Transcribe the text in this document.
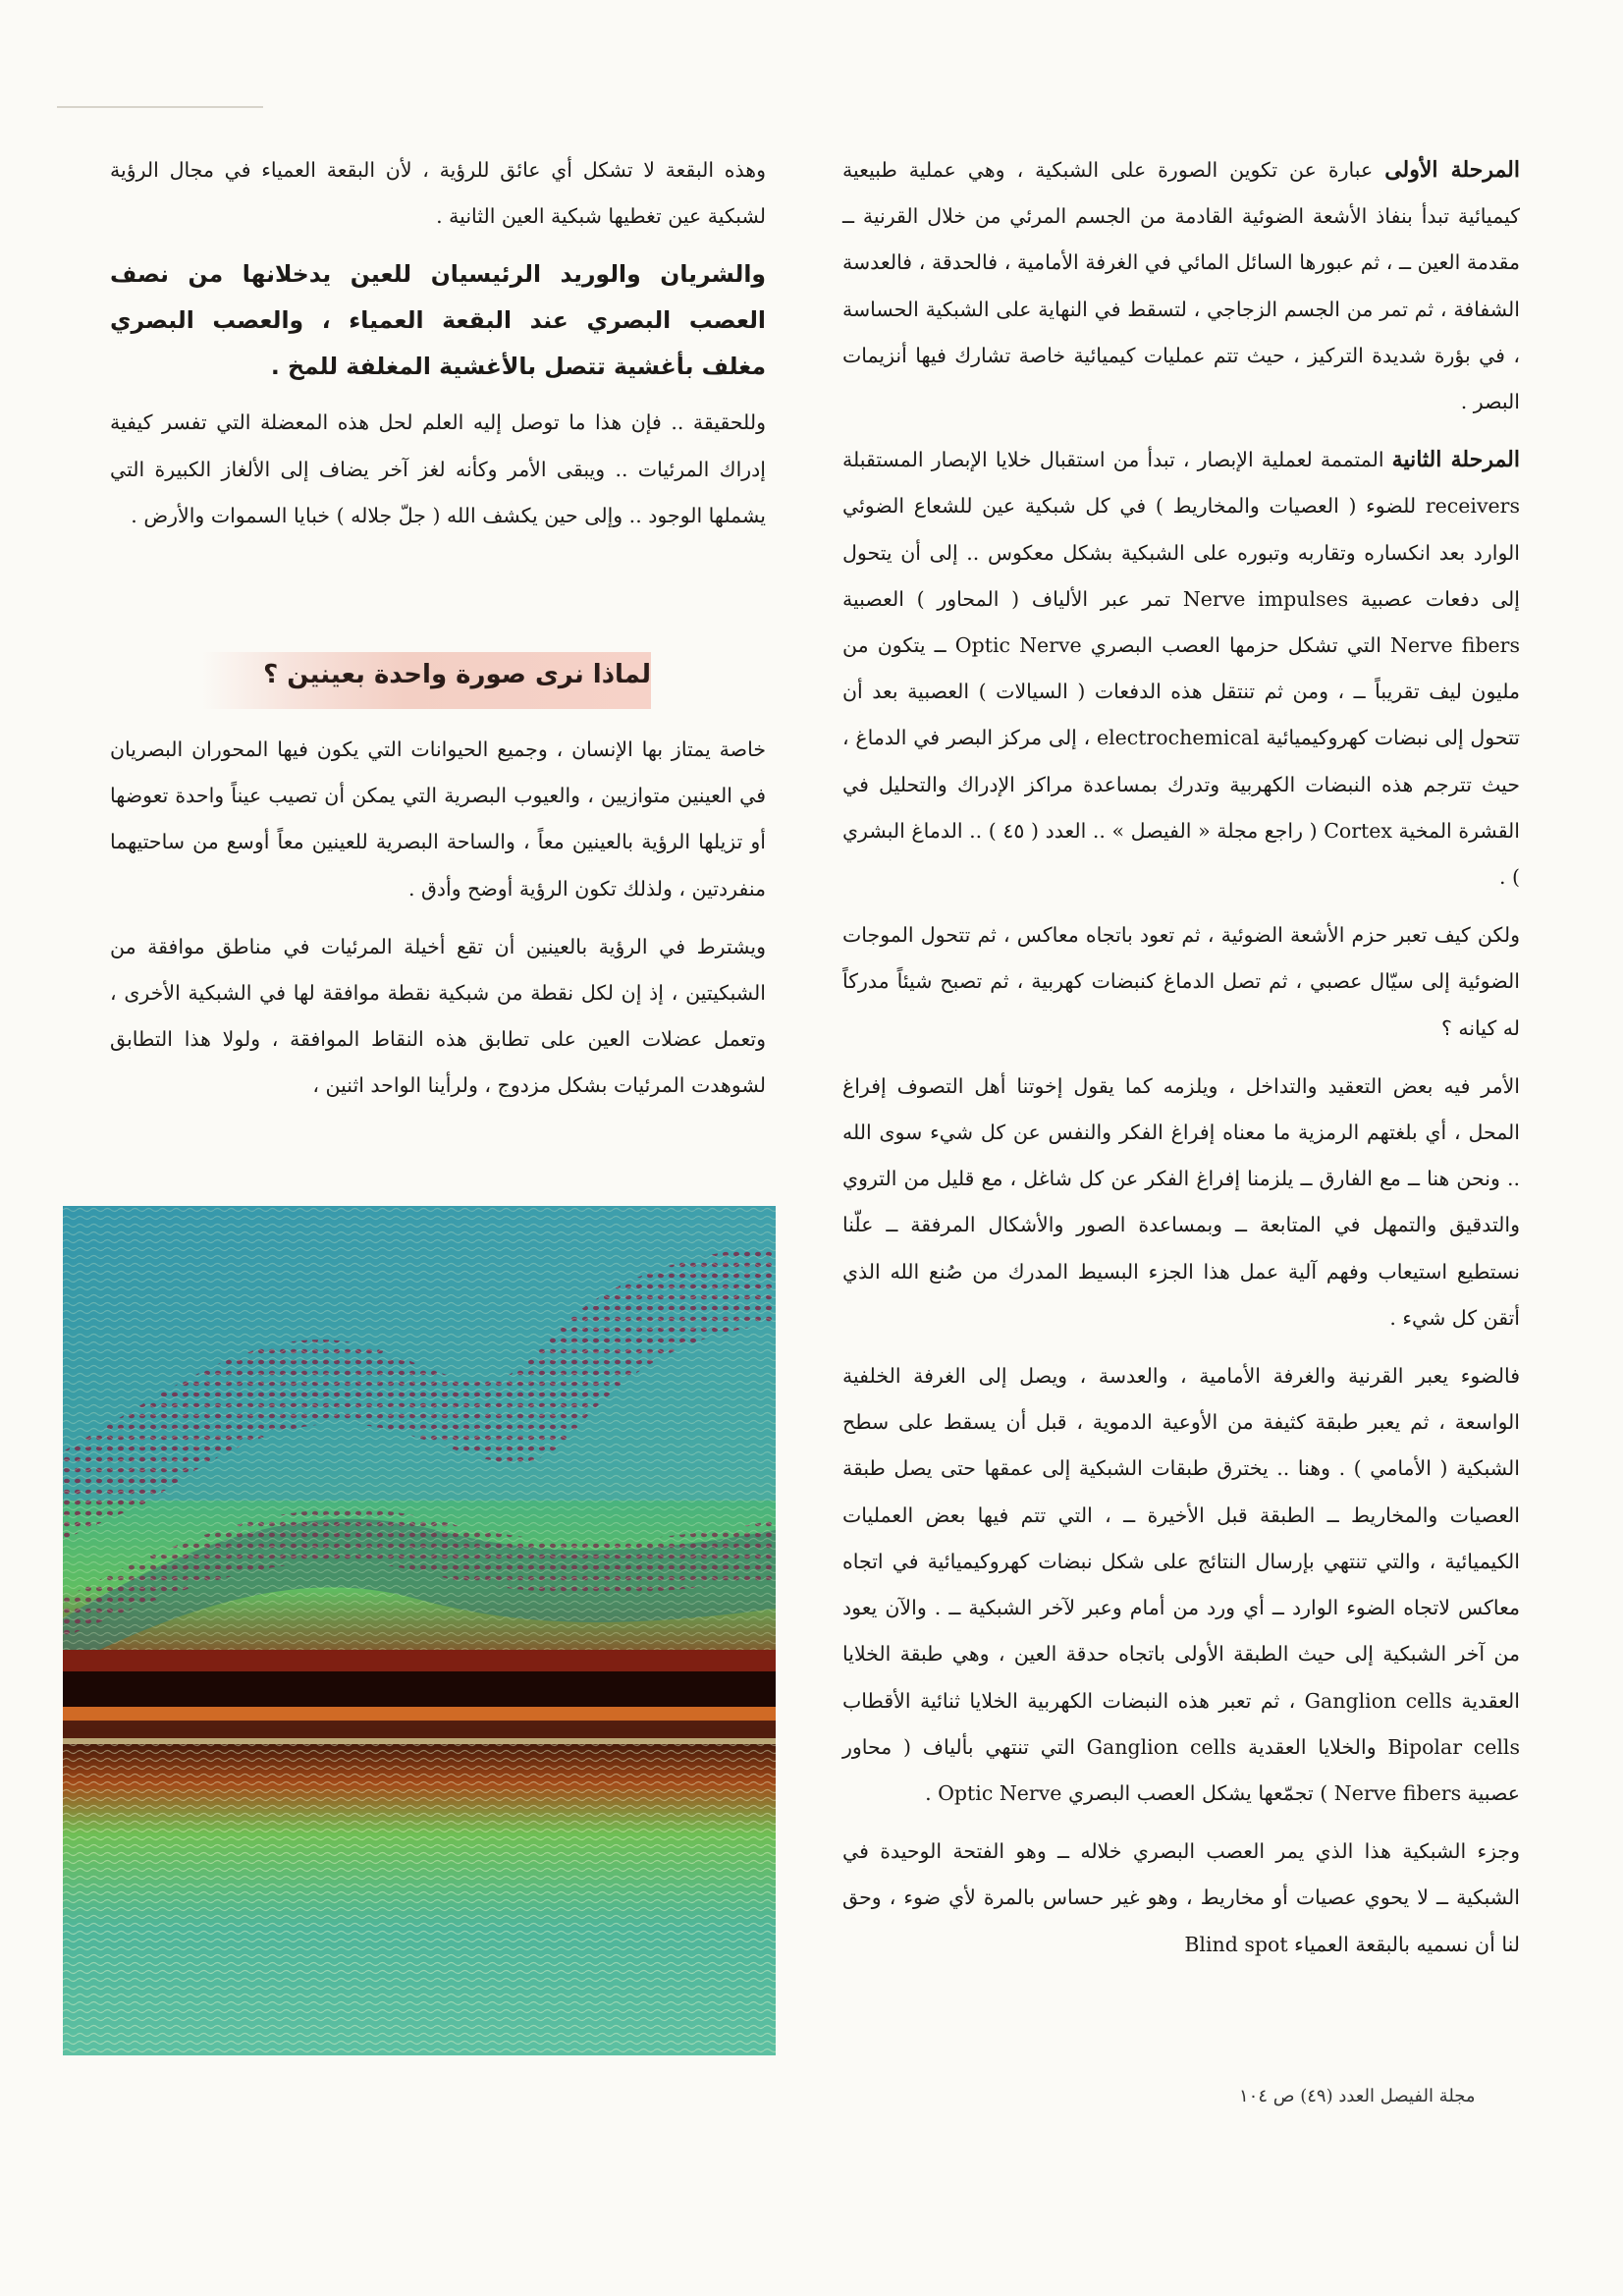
المرحلة الأولى عبارة عن تكوين الصورة على الشبكية ، وهي عملية طبيعية كيميائية تبدأ بنفاذ الأشعة الضوئية القادمة من الجسم المرئي من خلال القرنية ــ مقدمة العين ــ ، ثم عبورها السائل المائي في الغرفة الأمامية ، فالحدقة ، فالعدسة الشفافة ، ثم تمر من الجسم الزجاجي ، لتسقط في النهاية على الشبكية الحساسة ، في بؤرة شديدة التركيز ، حيث تتم عمليات كيميائية خاصة تشارك فيها أنزيمات البصر .

المرحلة الثانية المتممة لعملية الإبصار ، تبدأ من استقبال خلايا الإبصار المستقبلة receivers للضوء ( العصيات والمخاريط ) في كل شبكية عين للشعاع الضوئي الوارد بعد انكساره وتقاربه وتبوره على الشبكية بشكل معكوس .. إلى أن يتحول إلى دفعات عصبية Nerve impulses تمر عبر الألياف ( المحاور ) العصبية Nerve fibers التي تشكل حزمها العصب البصري Optic Nerve ــ يتكون من مليون ليف تقريباً ــ ، ومن ثم تنتقل هذه الدفعات ( السيالات ) العصبية بعد أن تتحول إلى نبضات كهروكيميائية electrochemical ، إلى مركز البصر في الدماغ ، حيث تترجم هذه النبضات الكهربية وتدرك بمساعدة مراكز الإدراك والتحليل في القشرة المخية Cortex ( راجع مجلة « الفيصل » .. العدد ( ٤٥ ) .. الدماغ البشري ) .

ولكن كيف تعبر حزم الأشعة الضوئية ، ثم تعود باتجاه معاكس ، ثم تتحول الموجات الضوئية إلى سيّال عصبي ، ثم تصل الدماغ كنبضات كهربية ، ثم تصبح شيئاً مدركاً له كيانه ؟

الأمر فيه بعض التعقيد والتداخل ، ويلزمه كما يقول إخوتنا أهل التصوف إفراغ المحل ، أي بلغتهم الرمزية ما معناه إفراغ الفكر والنفس عن كل شيء سوى الله .. ونحن هنا ــ مع الفارق ــ يلزمنا إفراغ الفكر عن كل شاغل ، مع قليل من التروي والتدقيق والتمهل في المتابعة ــ وبمساعدة الصور والأشكال المرفقة ــ علّنا نستطيع استيعاب وفهم آلية عمل هذا الجزء البسيط المدرك من صُنع الله الذي أتقن كل شيء .

فالضوء يعبر القرنية والغرفة الأمامية ، والعدسة ، ويصل إلى الغرفة الخلفية الواسعة ، ثم يعبر طبقة كثيفة من الأوعية الدموية ، قبل أن يسقط على سطح الشبكية ( الأمامي ) . وهنا .. يخترق طبقات الشبكية إلى عمقها حتى يصل طبقة العصيات والمخاريط ــ الطبقة قبل الأخيرة ــ ، التي تتم فيها بعض العمليات الكيميائية ، والتي تنتهي بإرسال النتائج على شكل نبضات كهروكيميائية في اتجاه معاكس لاتجاه الضوء الوارد ــ أي ورد من أمام وعبر لآخر الشبكية ــ . والآن يعود من آخر الشبكية إلى حيث الطبقة الأولى باتجاه حدقة العين ، وهي طبقة الخلايا العقدية Ganglion cells ، ثم تعبر هذه النبضات الكهربية الخلايا ثنائية الأقطاب Bipolar cells والخلايا العقدية Ganglion cells التي تنتهي بألياف ( محاور عصبية Nerve fibers ) تجمّعها يشكل العصب البصري Optic Nerve .

وجزء الشبكية هذا الذي يمر العصب البصري خلاله ــ وهو الفتحة الوحيدة في الشبكية ــ لا يحوي عصيات أو مخاريط ، وهو غير حساس بالمرة لأي ضوء ، وحق لنا أن نسميه بالبقعة العمياء Blind spot

وهذه البقعة لا تشكل أي عائق للرؤية ، لأن البقعة العمياء في مجال الرؤية لشبكية عين تغطيها شبكية العين الثانية .

والشريان والوريد الرئيسيان للعين يدخلانها من نصف العصب البصري عند البقعة العمياء ، والعصب البصري مغلف بأغشية تتصل بالأغشية المغلفة للمخ .

وللحقيقة .. فإن هذا ما توصل إليه العلم لحل هذه المعضلة التي تفسر كيفية إدراك المرئيات .. ويبقى الأمر وكأنه لغز آخر يضاف إلى الألغاز الكبيرة التي يشملها الوجود .. وإلى حين يكشف الله ( جلّ جلاله ) خبايا السموات والأرض .

لماذا نرى صورة واحدة بعينين ؟

خاصة يمتاز بها الإنسان ، وجميع الحيوانات التي يكون فيها المحوران البصريان في العينين متوازيين ، والعيوب البصرية التي يمكن أن تصيب عيناً واحدة تعوضها أو تزيلها الرؤية بالعينين معاً ، والساحة البصرية للعينين معاً أوسع من ساحتيهما منفردتين ، ولذلك تكون الرؤية أوضح وأدق .

ويشترط في الرؤية بالعينين أن تقع أخيلة المرئيات في مناطق موافقة من الشبكيتين ، إذ إن لكل نقطة من شبكية نقطة موافقة لها في الشبكية الأخرى ، وتعمل عضلات العين على تطابق هذه النقاط الموافقة ، ولولا هذا التطابق لشوهدت المرئيات بشكل مزدوج ، ولرأينا الواحد اثنين ،

مجلة الفيصل العدد (٤٩) ص ١٠٤
